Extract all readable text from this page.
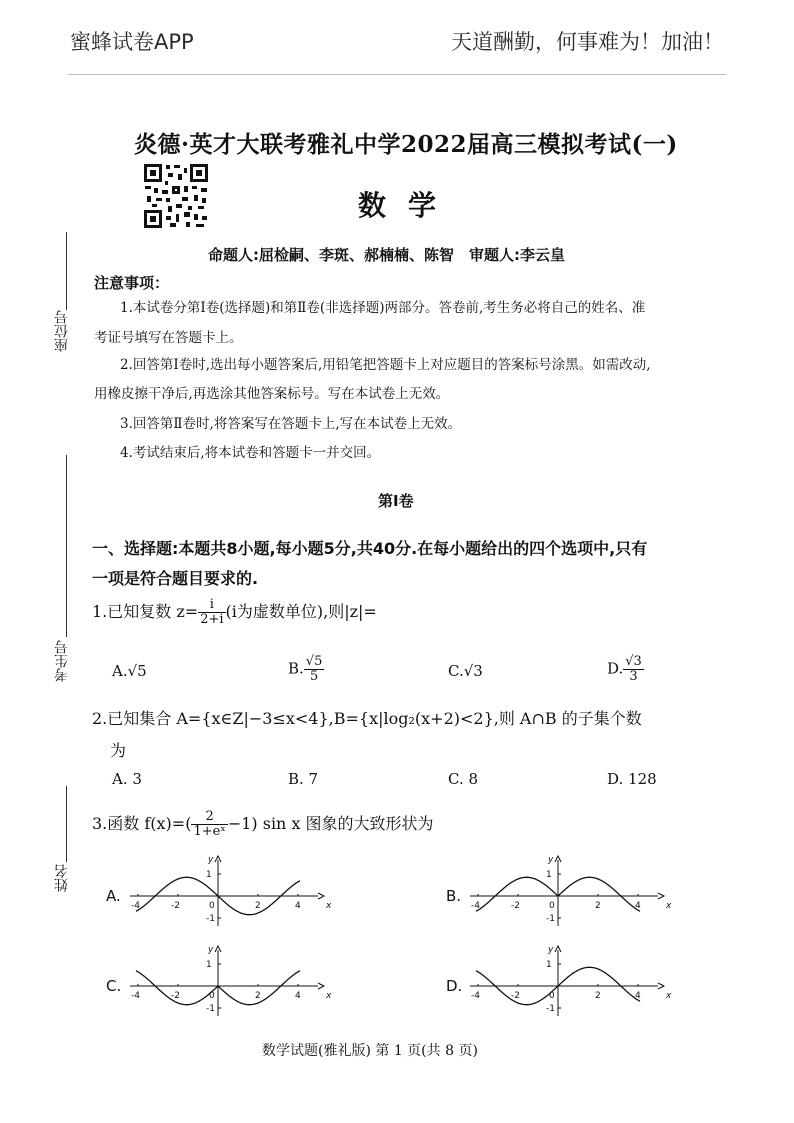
蜜蜂试卷APP	天道酬勤，何事难为！加油！
炎德·英才大联考雅礼中学2022届高三模拟考试(一)
数学
命题人:屈检嗣、李斑、郝楠楠、陈智　审题人:李云皇
注意事项：
1.本试卷分第Ⅰ卷(选择题)和第Ⅱ卷(非选择题)两部分。答卷前,考生务必将自己的姓名、准
考证号填写在答题卡上。
2.回答第Ⅰ卷时,选出每小题答案后,用铅笔把答题卡上对应题目的答案标号涂黑。如需改动,
用橡皮擦干净后,再选涂其他答案标号。写在本试卷上无效。
3.回答第Ⅱ卷时,将答案写在答题卡上,写在本试卷上无效。
4.考试结束后,将本试卷和答题卡一并交回。
座位号
考生号
姓名
第Ⅰ卷
一、选择题:本题共8小题,每小题5分,共40分.在每小题给出的四个选项中,只有
一项是符合题目要求的.
1.已知复数 $z= \frac{i}{2+i} (i$为虚数单位),则|z|=
A.√5	B. $\frac{√5}{5}$	C.√3	D. $\frac{√3}{3}$
2.已知集合 A={x∈Z|−3≤x<4},B={x|log₂(x+2)<2},则 A∩B 的子集个数
为
A. 3	B. 7	C. 8	D. 128
3.函数 $f(x)=( \frac{2}{\text{1+eˣ}} -1)$ sin x 图象的大致形状为
A.
x
y
-4	-2	0	2	4
1
-1
B.
x
y
-4	-2	0	2	4
1
-1
C.
x
y
-4	-2	0	2	4
1
-1
D.
x
y
-4	-2	0	2	4
1
-1
数学试题(雅礼版) 第 1 页(共 8 页)
